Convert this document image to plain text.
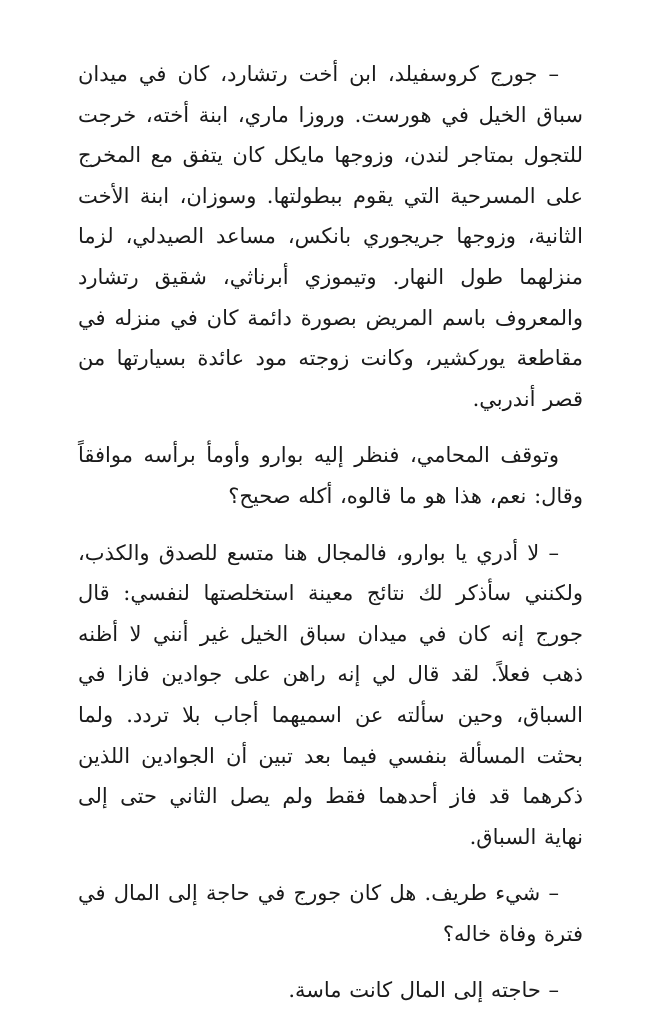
– جورج كروسفيلد، ابن أخت رتشارد، كان في ميدان سباق الخيل في هورست. وروزا ماري، ابنة أخته، خرجت للتجول بمتاجر لندن، وزوجها مايكل كان يتفق مع المخرج على المسرحية التي يقوم ببطولتها. وسوزان، ابنة الأخت الثانية، وزوجها جريجوري بانكس، مساعد الصيدلي، لزما منزلهما طول النهار. وتيموزي أبرناثي، شقيق رتشارد والمعروف باسم المريض بصورة دائمة كان في منزله في مقاطعة يوركشير، وكانت زوجته مود عائدة بسيارتها من قصر أندربي.

وتوقف المحامي، فنظر إليه بوارو وأومأ برأسه موافقاً وقال: نعم، هذا هو ما قالوه، أكله صحيح؟

– لا أدري يا بوارو، فالمجال هنا متسع للصدق والكذب، ولكنني سأذكر لك نتائج معينة استخلصتها لنفسي: قال جورج إنه كان في ميدان سباق الخيل غير أنني لا أظنه ذهب فعلاً. لقد قال لي إنه راهن على جوادين فازا في السباق، وحين سألته عن اسميهما أجاب بلا تردد. ولما بحثت المسألة بنفسي فيما بعد تبين أن الجوادين اللذين ذكرهما قد فاز أحدهما فقط ولم يصل الثاني حتى إلى نهاية السباق.

– شيء طريف. هل كان جورج في حاجة إلى المال في فترة وفاة خاله؟

– حاجته إلى المال كانت ماسة.
